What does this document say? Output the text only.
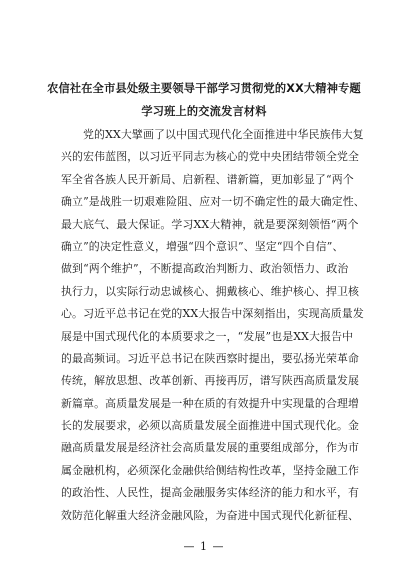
农信社在全市县处级主要领导干部学习贯彻党的XX大精神专题
学习班上的交流发言材料
党的XX大擘画了以中国式现代化全面推进中华民族伟大复
兴的宏伟蓝图，以习近平同志为核心的党中央团结带领全党全
军全省各族人民开新局、启新程、谱新篇，更加彰显了“两个
确立”是战胜一切艰难险阻、应对一切不确定性的最大确定性、
最大底气、最大保证。学习XX大精神，就是要深刻领悟“两个
确立”的决定性意义，增强“四个意识”、坚定“四个自信”、
做到“两个维护”，不断提高政治判断力、政治领悟力、政治
执行力，以实际行动忠诚核心、拥戴核心、维护核心、捍卫核
心。习近平总书记在党的XX大报告中深刻指出，实现高质量发
展是中国式现代化的本质要求之一，“发展”也是XX大报告中
的最高频词。习近平总书记在陕西察时提出，要弘扬光荣革命
传统，解放思想、改革创新、再接再厉，谱写陕西高质量发展
新篇章。高质量发展是一种在质的有效提升中实现量的合理增
长的发展要求，必须以高质量发展全面推进中国式现代化。金
融高质量发展是经济社会高质量发展的重要组成部分，作为市
属金融机构，必须深化金融供给侧结构性改革，坚持金融工作
的政治性、人民性，提高金融服务实体经济的能力和水平，有
效防范化解重大经济金融风险，为奋进中国式现代化新征程、
— 1 —
